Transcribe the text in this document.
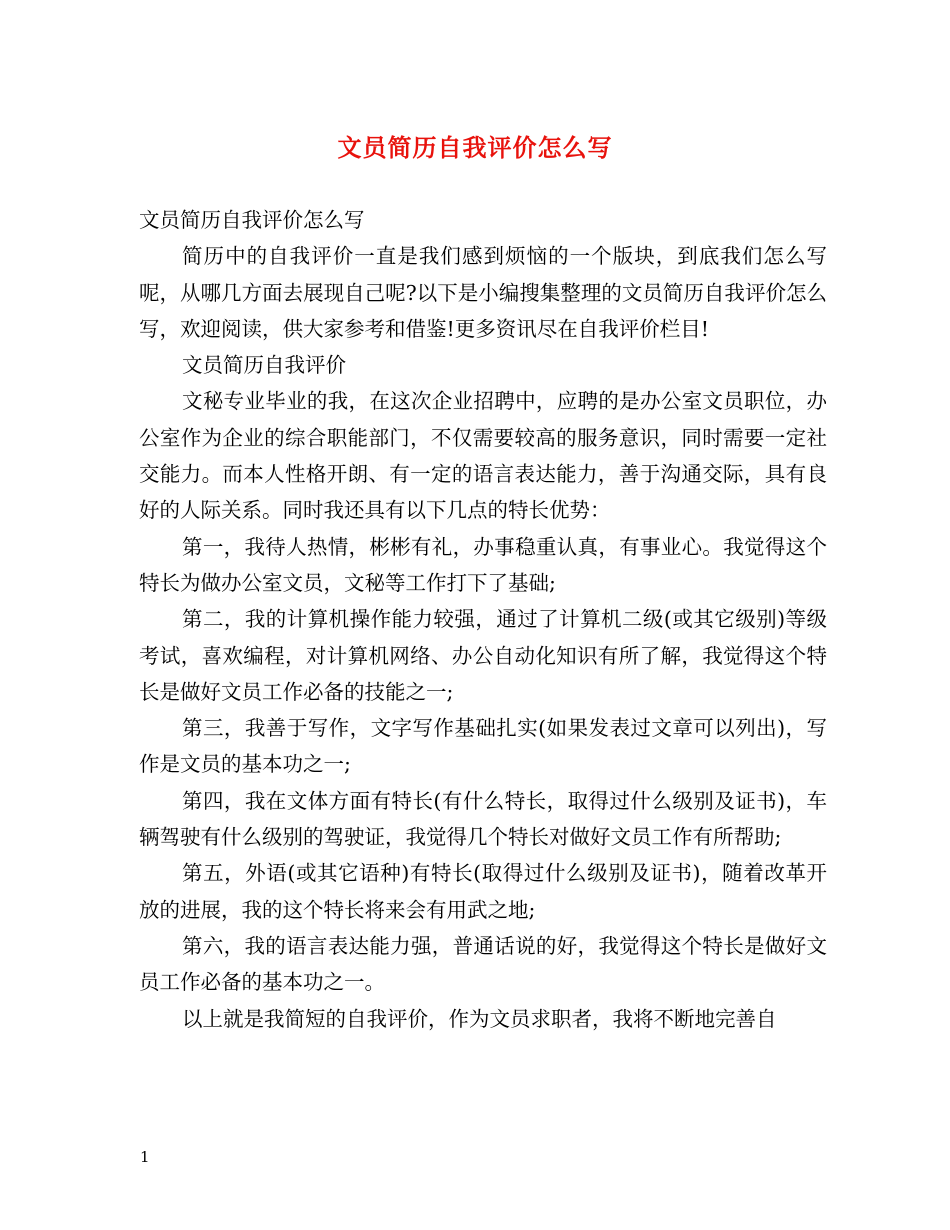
文员简历自我评价怎么写

文员简历自我评价怎么写

简历中的自我评价一直是我们感到烦恼的一个版块，到底我们怎么写呢，从哪几方面去展现自己呢?以下是小编搜集整理的文员简历自我评价怎么写，欢迎阅读，供大家参考和借鉴!更多资讯尽在自我评价栏目!

文员简历自我评价

文秘专业毕业的我，在这次企业招聘中，应聘的是办公室文员职位，办公室作为企业的综合职能部门，不仅需要较高的服务意识，同时需要一定社交能力。而本人性格开朗、有一定的语言表达能力，善于沟通交际，具有良好的人际关系。同时我还具有以下几点的特长优势：

第一，我待人热情，彬彬有礼，办事稳重认真，有事业心。我觉得这个特长为做办公室文员，文秘等工作打下了基础;

第二，我的计算机操作能力较强，通过了计算机二级(或其它级别)等级考试，喜欢编程，对计算机网络、办公自动化知识有所了解，我觉得这个特长是做好文员工作必备的技能之一;

第三，我善于写作，文字写作基础扎实(如果发表过文章可以列出)，写作是文员的基本功之一;

第四，我在文体方面有特长(有什么特长，取得过什么级别及证书)，车辆驾驶有什么级别的驾驶证，我觉得几个特长对做好文员工作有所帮助;

第五，外语(或其它语种)有特长(取得过什么级别及证书)，随着改革开放的进展，我的这个特长将来会有用武之地;

第六，我的语言表达能力强，普通话说的好，我觉得这个特长是做好文员工作必备的基本功之一。

以上就是我简短的自我评价，作为文员求职者，我将不断地完善自

1
